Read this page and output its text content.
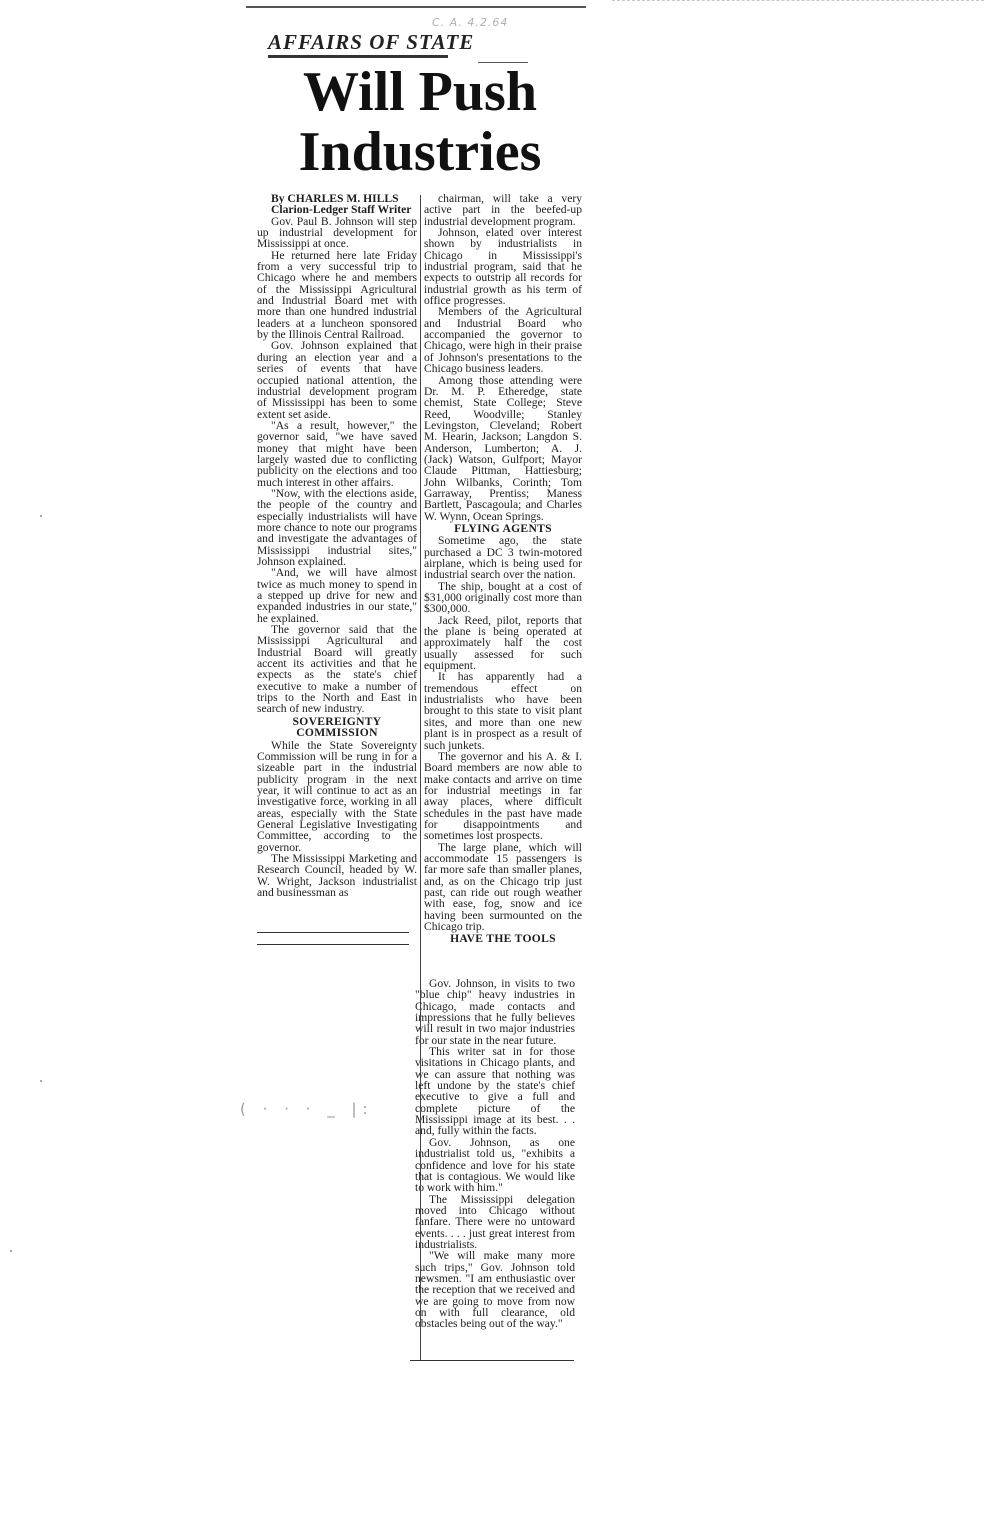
C. A. 4.2.64
AFFAIRS OF STATE
Will Push
Industries

By CHARLES M. HILLS

Clarion-Ledger Staff Writer

Gov. Paul B. Johnson will step up industrial development for Mississippi at once.

He returned here late Friday from a very successful trip to Chicago where he and members of the Mississippi Agricultural and Industrial Board met with more than one hundred industrial leaders at a luncheon sponsored by the Illinois Central Railroad.

Gov. Johnson explained that during an election year and a series of events that have occupied national attention, the industrial development program of Mississippi has been to some extent set aside.

"As a result, however," the governor said, "we have saved money that might have been largely wasted due to conflicting publicity on the elections and too much interest in other affairs.

"Now, with the elections aside, the people of the country and especially industrialists will have more chance to note our programs and investigate the advantages of Mississippi industrial sites," Johnson explained.

"And, we will have almost twice as much money to spend in a stepped up drive for new and expanded industries in our state," he explained.

The governor said that the Mississippi Agricultural and Industrial Board will greatly accent its activities and that he expects as the state's chief executive to make a number of trips to the North and East in search of new industry.

SOVEREIGNTY COMMISSION

While the State Sovereignty Commission will be rung in for a sizeable part in the industrial publicity program in the next year, it will continue to act as an investigative force, working in all areas, especially with the State General Legislative Investigating Committee, according to the governor.

The Mississippi Marketing and Research Council, headed by W. W. Wright, Jackson industrialist and businessman as

chairman, will take a very active part in the beefed-up industrial development program.

Johnson, elated over interest shown by industrialists in Chicago in Mississippi's industrial program, said that he expects to outstrip all records for industrial growth as his term of office progresses.

Members of the Agricultural and Industrial Board who accompanied the governor to Chicago, were high in their praise of Johnson's presentations to the Chicago business leaders.

Among those attending were Dr. M. P. Etheredge, state chemist, State College; Steve Reed, Woodville; Stanley Levingston, Cleveland; Robert M. Hearin, Jackson; Langdon S. Anderson, Lumberton; A. J. (Jack) Watson, Gulfport; Mayor Claude Pittman, Hattiesburg; John Wilbanks, Corinth; Tom Garraway, Prentiss; Maness Bartlett, Pascagoula; and Charles W. Wynn, Ocean Springs.

FLYING AGENTS

Sometime ago, the state purchased a DC 3 twin-motored airplane, which is being used for industrial search over the nation.

The ship, bought at a cost of $31,000 originally cost more than $300,000.

Jack Reed, pilot, reports that the plane is being operated at approximately half the cost usually assessed for such equipment.

It has apparently had a tremendous effect on industrialists who have been brought to this state to visit plant sites, and more than one new plant is in prospect as a result of such junkets.

The governor and his A. & I. Board members are now able to make contacts and arrive on time for industrial meetings in far away places, where difficult schedules in the past have made for disappointments and sometimes lost prospects.

The large plane, which will accommodate 15 passengers is far more safe than smaller planes, and, as on the Chicago trip just past, can ride out rough weather with ease, fog, snow and ice having been surmounted on the Chicago trip.

HAVE THE TOOLS

Gov. Johnson, in visits to two "blue chip" heavy industries in Chicago, made contacts and impressions that he fully believes will result in two major industries for our state in the near future.

This writer sat in for those visitations in Chicago plants, and we can assure that nothing was left undone by the state's chief executive to give a full and complete picture of the Mississippi image at its best. . . and, fully within the facts.

Gov. Johnson, as one industrialist told us, "exhibits a confidence and love for his state that is contagious. We would like to work with him."

The Mississippi delegation moved into Chicago without fanfare. There were no untoward events. . . . just great interest from industrialists.

"We will make many more such trips," Gov. Johnson told newsmen. "I am enthusiastic over the reception that we received and we are going to move from now on with full clearance, old obstacles being out of the way."

( · · · _ |:
